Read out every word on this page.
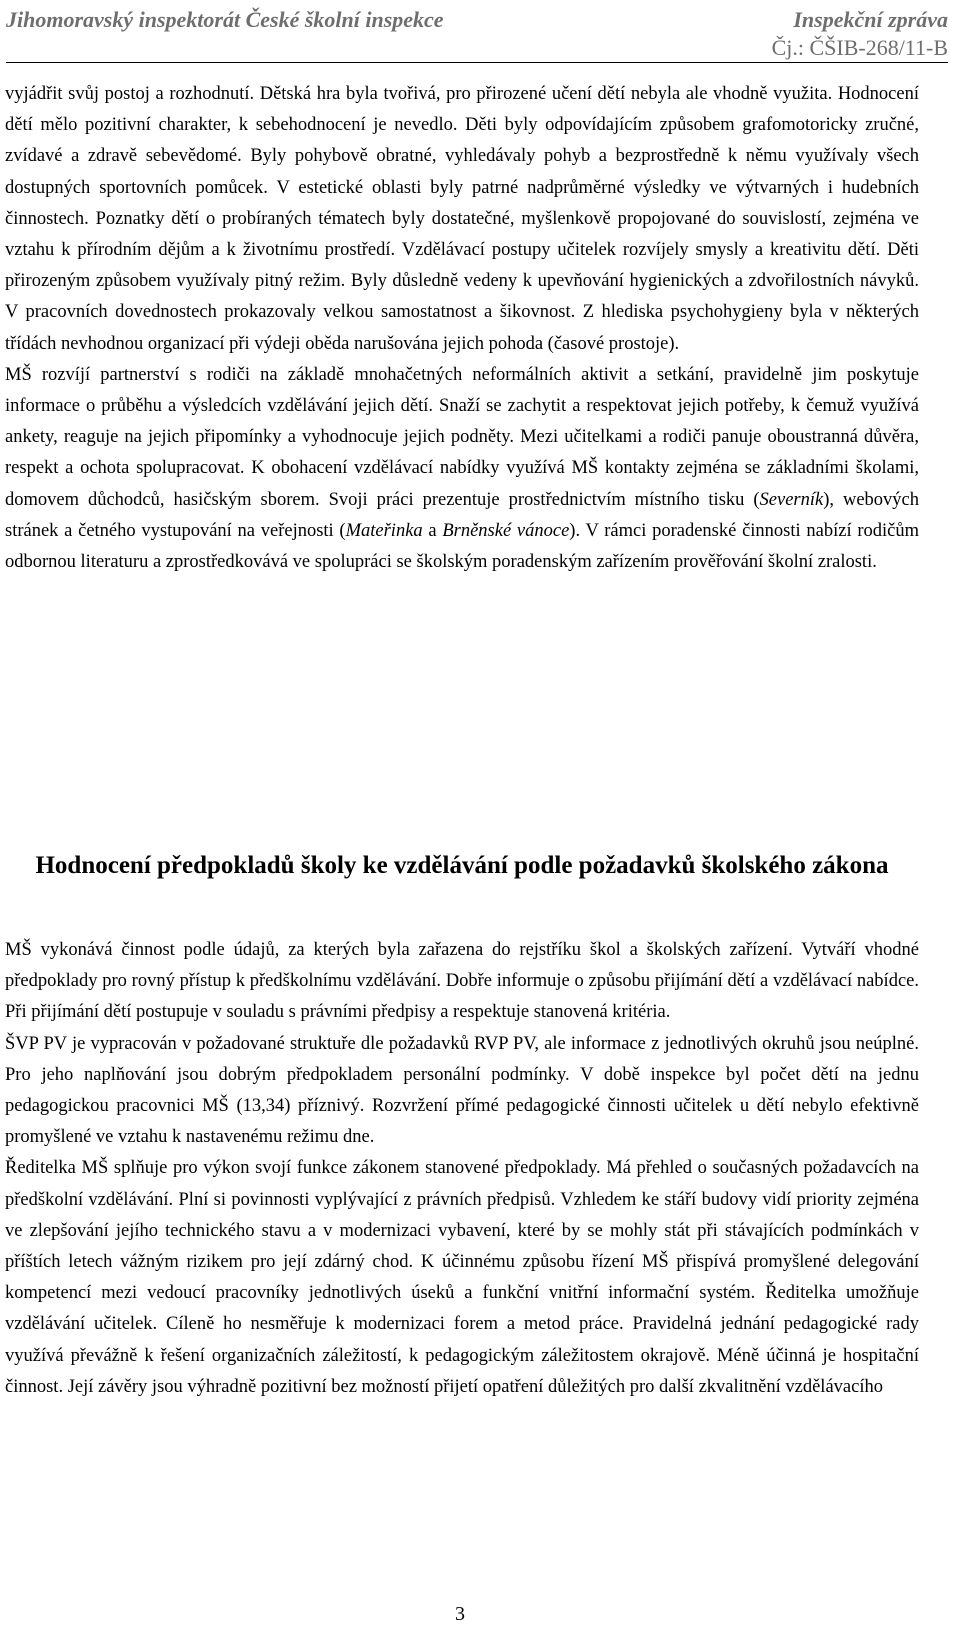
Jihomoravský inspektorát České školní inspekce	Inspekční zpráva
Čj.: ČŠIB-268/11-B

vyjádřit svůj postoj a rozhodnutí. Dětská hra byla tvořivá, pro přirozené učení dětí nebyla ale vhodně využita. Hodnocení dětí mělo pozitivní charakter, k sebehodnocení je nevedlo. Děti byly odpovídajícím způsobem grafomotoricky zručné, zvídavé a zdravě sebevědomé. Byly pohybově obratné, vyhledávaly pohyb a bezprostředně k němu využívaly všech dostupných sportovních pomůcek. V estetické oblasti byly patrné nadprůměrné výsledky ve výtvarných i hudebních činnostech. Poznatky dětí o probíraných tématech byly dostatečné, myšlenkově propojované do souvislostí, zejména ve vztahu k přírodním dějům a k životnímu prostředí. Vzdělávací postupy učitelek rozvíjely smysly a kreativitu dětí. Děti přirozeným způsobem využívaly pitný režim. Byly důsledně vedeny k upevňování hygienických a zdvořilostních návyků. V pracovních dovednostech prokazovaly velkou samostatnost a šikovnost. Z hlediska psychohygieny byla v některých třídách nevhodnou organizací při výdeji oběda narušována jejich pohoda (časové prostoje).

MŠ rozvíjí partnerství s rodiči na základě mnohačetných neformálních aktivit a setkání, pravidelně jim poskytuje informace o průběhu a výsledcích vzdělávání jejich dětí. Snaží se zachytit a respektovat jejich potřeby, k čemuž využívá ankety, reaguje na jejich připomínky a vyhodnocuje jejich podněty. Mezi učitelkami a rodiči panuje oboustranná důvěra, respekt a ochota spolupracovat. K obohacení vzdělávací nabídky využívá MŠ kontakty zejména se základními školami, domovem důchodců, hasičským sborem. Svoji práci prezentuje prostřednictvím místního tisku (Severník), webových stránek a četného vystupování na veřejnosti (Mateřinka a Brněnské vánoce). V rámci poradenské činnosti nabízí rodičům odbornou literaturu a zprostředkovává ve spolupráci se školským poradenským zařízením prověřování školní zralosti.

Hodnocení předpokladů školy ke vzdělávání podle požadavků školského zákona

MŠ vykonává činnost podle údajů, za kterých byla zařazena do rejstříku škol a školských zařízení. Vytváří vhodné předpoklady pro rovný přístup k předškolnímu vzdělávání. Dobře informuje o způsobu přijímání dětí a vzdělávací nabídce. Při přijímání dětí postupuje v souladu s právními předpisy a respektuje stanovená kritéria.

ŠVP PV je vypracován v požadované struktuře dle požadavků RVP PV, ale informace z jednotlivých okruhů jsou neúplné. Pro jeho naplňování jsou dobrým předpokladem personální podmínky. V době inspekce byl počet dětí na jednu pedagogickou pracovnici MŠ (13,34) příznivý. Rozvržení přímé pedagogické činnosti učitelek u dětí nebylo efektivně promyšlené ve vztahu k nastavenému režimu dne.

Ředitelka MŠ splňuje pro výkon svojí funkce zákonem stanovené předpoklady. Má přehled o současných požadavcích na předškolní vzdělávání. Plní si povinnosti vyplývající z právních předpisů. Vzhledem ke stáří budovy vidí priority zejména ve zlepšování jejího technického stavu a v modernizaci vybavení, které by se mohly stát při stávajících podmínkách v příštích letech vážným rizikem pro její zdárný chod. K účinnému způsobu řízení MŠ přispívá promyšlené delegování kompetencí mezi vedoucí pracovníky jednotlivých úseků a funkční vnitřní informační systém. Ředitelka umožňuje vzdělávání učitelek. Cíleně ho nesměřuje k modernizaci forem a metod práce. Pravidelná jednání pedagogické rady využívá převážně k řešení organizačních záležitostí, k pedagogickým záležitostem okrajově. Méně účinná je hospitační činnost. Její závěry jsou výhradně pozitivní bez možností přijetí opatření důležitých pro další zkvalitnění vzdělávacího

3
